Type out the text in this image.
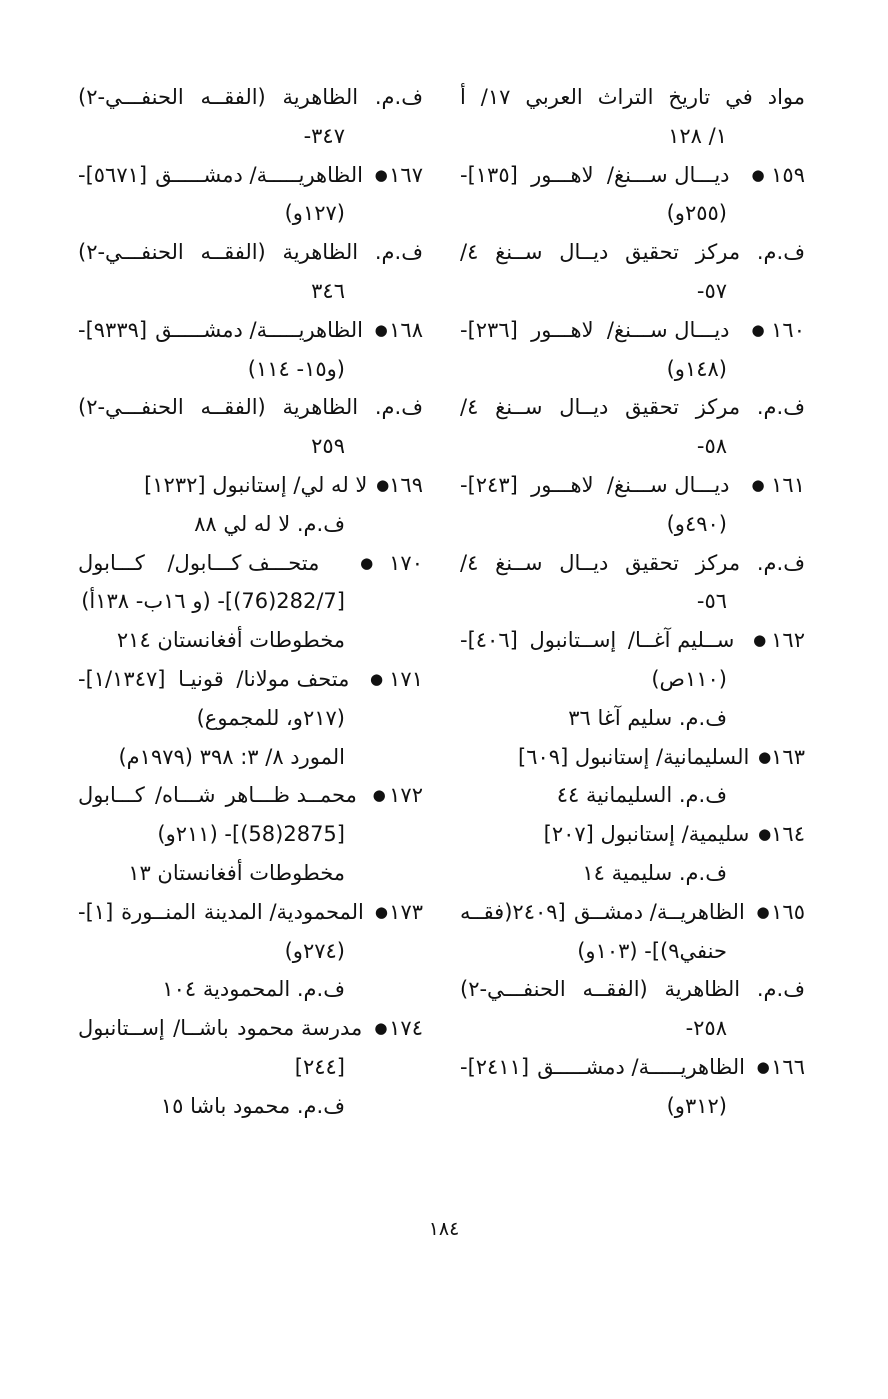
مواد في تاريخ التراث العربي ١٧/ أ
١/ ١٢٨
١٥٩● ديـــال ســـنغ/ لاهـــور [١٣٥]-
(٢٥٥و)
ف.م. مركز تحقيق ديــال ســنغ ٤/
٥٧-
١٦٠● ديـــال ســـنغ/ لاهـــور [٢٣٦]-
(١٤٨و)
ف.م. مركز تحقيق ديــال ســنغ ٤/
٥٨-
١٦١● ديـــال ســـنغ/ لاهـــور [٢٤٣]-
(٤٩٠و)
ف.م. مركز تحقيق ديــال ســنغ ٤/
٥٦-
١٦٢● ســليم آغــا/ إســتانبول [٤٠٦]-
(١١٠ص)
ف.م. سليم آغا ٣٦
١٦٣● السليمانية/ إستانبول [٦٠٩]
ف.م. السليمانية ٤٤
١٦٤● سليمية/ إستانبول [٢٠٧]
ف.م. سليمية ١٤
١٦٥● الظاهريــة/ دمشــق [٢٤٠٩(فقــه
حنفي٩)]- (١٠٣و)
ف.م. الظاهرية (الفقــه الحنفـــي-٢)
٢٥٨-
١٦٦● الظاهريـــــة/ دمشـــــق [٢٤١١]-
(٣١٢و)
ف.م. الظاهرية (الفقــه الحنفـــي-٢)
٣٤٧-
١٦٧● الظاهريـــــة/ دمشـــــق [٥٦٧١]-
(١٢٧و)
ف.م. الظاهرية (الفقــه الحنفـــي-٢)
٣٤٦
١٦٨● الظاهريـــــة/ دمشـــــق [٩٣٣٩]-
(و١٥- ١١٤)
ف.م. الظاهرية (الفقــه الحنفـــي-٢)
٢٥٩
١٦٩● لا له لي/ إستانبول [١٢٣٢]
ف.م. لا له لي ٨٨
١٧٠● متحـــف كـــابول/ كـــابول
[282/7(76)]- (و ١٦ب- ١٣٨أ)
مخطوطات أفغانستان ٢١٤
١٧١● متحف مولانا/ قونيـا [١/١٣٤٧]-
(٢١٧و، للمجموع)
المورد ٨/ ٣: ٣٩٨ (١٩٧٩م)
١٧٢● محمــد ظـــاهر شـــاه/ كـــابول
[2875(58)]- (٢١١و)
مخطوطات أفغانستان ١٣
١٧٣● المحمودية/ المدينة المنــورة [١]-
(٢٧٤و)
ف.م. المحمودية ١٠٤
١٧٤● مدرسة محمود باشــا/ إســتانبول
[٢٤٤]
ف.م. محمود باشا ١٥
١٨٤
